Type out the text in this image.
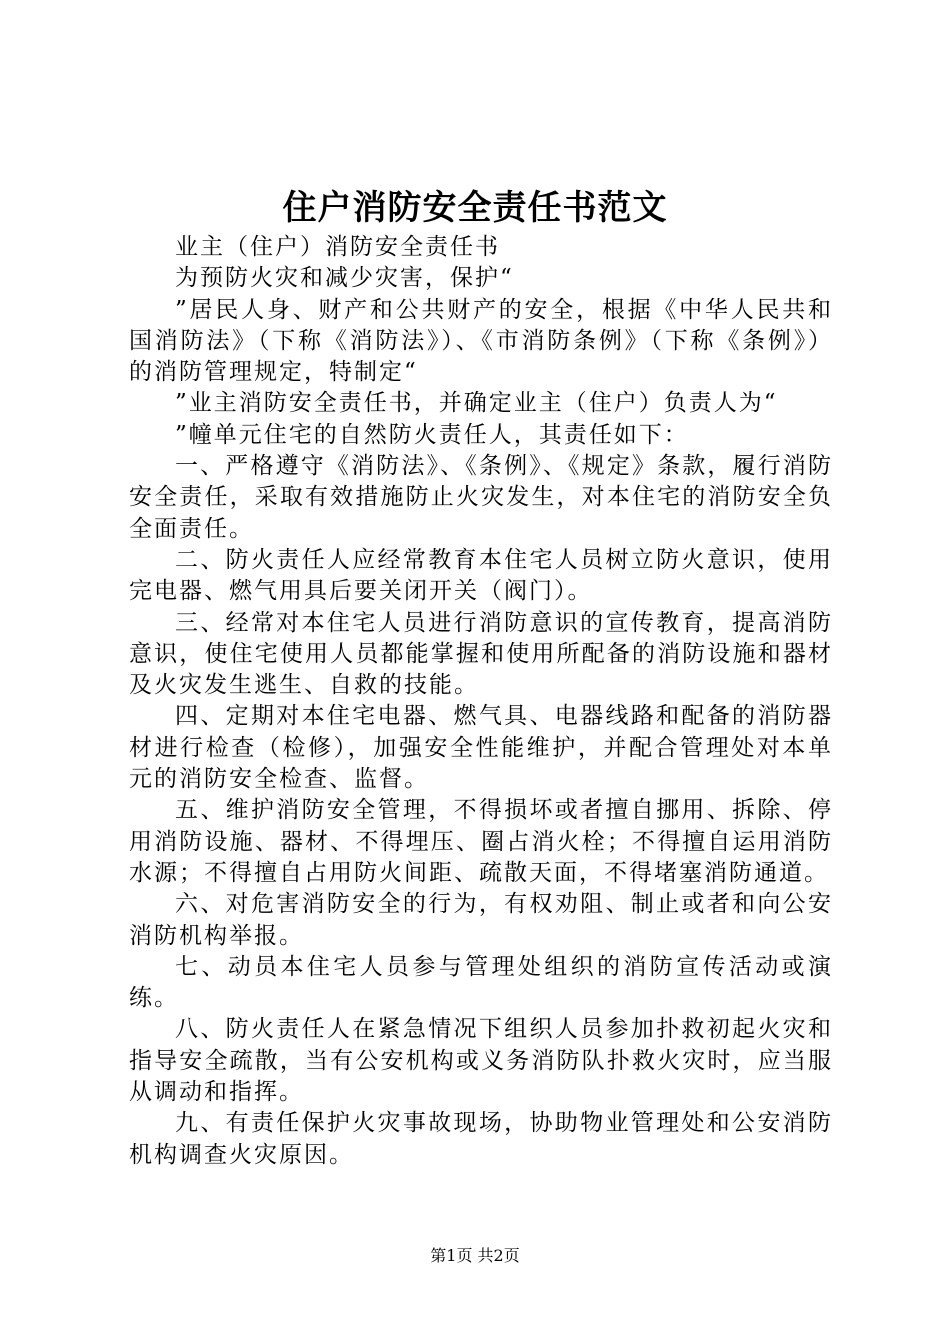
住户消防安全责任书范文

业主（住户）消防安全责任书

为预防火灾和减少灾害，保护“

”居民人身、财产和公共财产的安全，根据《中华人民共和国消防法》（下称《消防法》）、《市消防条例》（下称《条例》）的消防管理规定，特制定“

”业主消防安全责任书，并确定业主（住户）负责人为“

”幢单元住宅的自然防火责任人，其责任如下：

一、严格遵守《消防法》、《条例》、《规定》条款，履行消防安全责任，采取有效措施防止火灾发生，对本住宅的消防安全负全面责任。

二、防火责任人应经常教育本住宅人员树立防火意识，使用完电器、燃气用具后要关闭开关（阀门）。

三、经常对本住宅人员进行消防意识的宣传教育，提高消防意识，使住宅使用人员都能掌握和使用所配备的消防设施和器材及火灾发生逃生、自救的技能。

四、定期对本住宅电器、燃气具、电器线路和配备的消防器材进行检查（检修），加强安全性能维护，并配合管理处对本单元的消防安全检查、监督。

五、维护消防安全管理，不得损坏或者擅自挪用、拆除、停用消防设施、器材、不得埋压、圈占消火栓；不得擅自运用消防水源；不得擅自占用防火间距、疏散天面，不得堵塞消防通道。

六、对危害消防安全的行为，有权劝阻、制止或者和向公安消防机构举报。

七、动员本住宅人员参与管理处组织的消防宣传活动或演练。

八、防火责任人在紧急情况下组织人员参加扑救初起火灾和指导安全疏散，当有公安机构或义务消防队扑救火灾时，应当服从调动和指挥。

九、有责任保护火灾事故现场，协助物业管理处和公安消防机构调查火灾原因。

第1页 共2页
